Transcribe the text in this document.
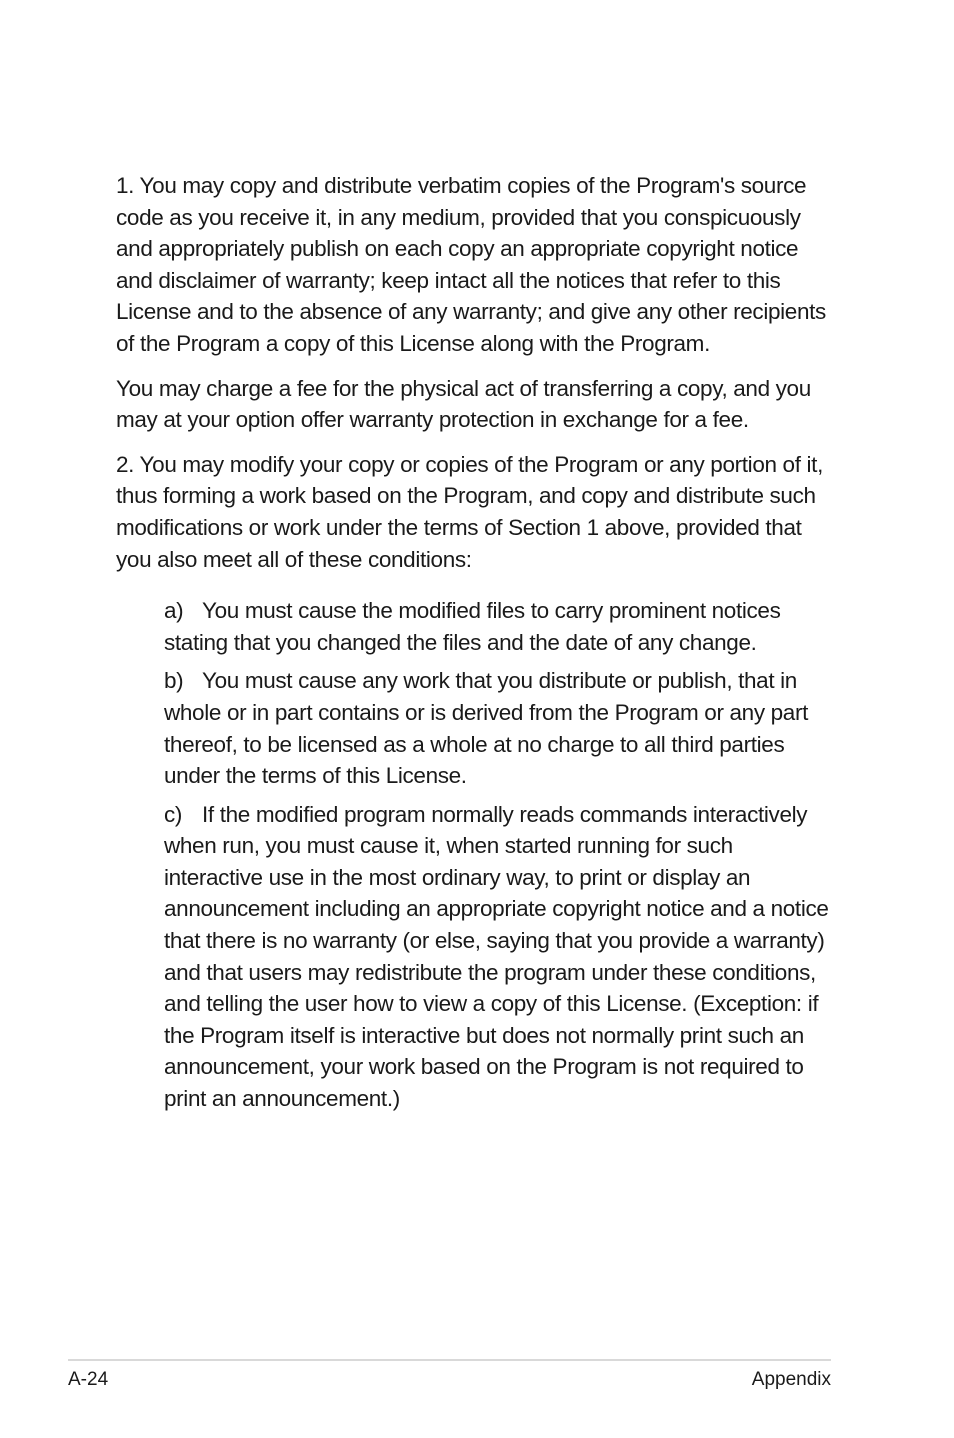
1. You may copy and distribute verbatim copies of the Program's source code as you receive it, in any medium, provided that you conspicuously and appropriately publish on each copy an appropriate copyright notice and disclaimer of warranty; keep intact all the notices that refer to this License and to the absence of any warranty; and give any other recipients of the Program a copy of this License along with the Program.

You may charge a fee for the physical act of transferring a copy, and you may at your option offer warranty protection in exchange for a fee.

2. You may modify your copy or copies of the Program or any portion of it, thus forming a work based on the Program, and copy and distribute such modifications or work under the terms of Section 1 above, provided that you also meet all of these conditions:

a) You must cause the modified files to carry prominent notices stating that you changed the files and the date of any change.

b) You must cause any work that you distribute or publish, that in whole or in part contains or is derived from the Program or any part thereof, to be licensed as a whole at no charge to all third parties under the terms of this License.

c) If the modified program normally reads commands interactively when run, you must cause it, when started running for such interactive use in the most ordinary way, to print or display an announcement including an appropriate copyright notice and a notice that there is no warranty (or else, saying that you provide a warranty) and that users may redistribute the program under these conditions, and telling the user how to view a copy of this License. (Exception: if the Program itself is interactive but does not normally print such an announcement, your work based on the Program is not required to print an announcement.)

A-24	Appendix
